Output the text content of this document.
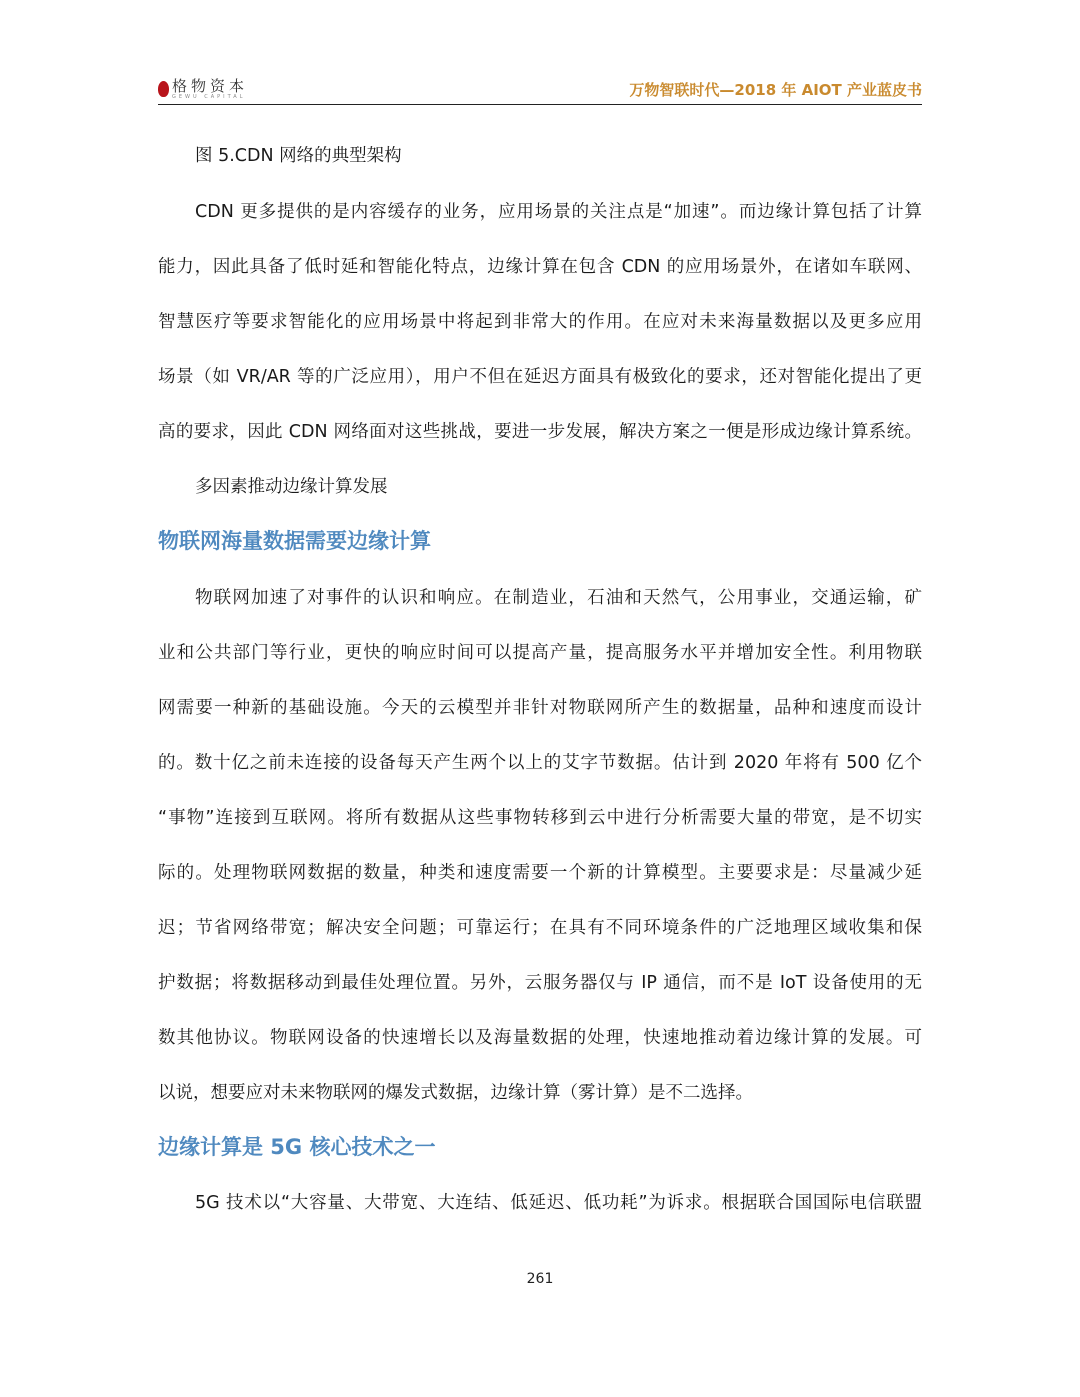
格物资本
GEWU CAPITAL	万物智联时代—2018 年 AIOT 产业蓝皮书
图 5.CDN 网络的典型架构
CDN 更多提供的是内容缓存的业务，应用场景的关注点是“加速”。而边缘计算包括了计算
能力，因此具备了低时延和智能化特点，边缘计算在包含 CDN 的应用场景外，在诸如车联网、
智慧医疗等要求智能化的应用场景中将起到非常大的作用。在应对未来海量数据以及更多应用
场景（如 VR/AR 等的广泛应用），用户不但在延迟方面具有极致化的要求，还对智能化提出了更
高的要求，因此 CDN 网络面对这些挑战，要进一步发展，解决方案之一便是形成边缘计算系统。
多因素推动边缘计算发展
物联网海量数据需要边缘计算
物联网加速了对事件的认识和响应。在制造业，石油和天然气，公用事业，交通运输，矿
业和公共部门等行业，更快的响应时间可以提高产量，提高服务水平并增加安全性。利用物联
网需要一种新的基础设施。今天的云模型并非针对物联网所产生的数据量，品种和速度而设计
的。数十亿之前未连接的设备每天产生两个以上的艾字节数据。估计到 2020 年将有 500 亿个
“事物”连接到互联网。将所有数据从这些事物转移到云中进行分析需要大量的带宽，是不切实
际的。处理物联网数据的数量，种类和速度需要一个新的计算模型。主要要求是：尽量减少延
迟；节省网络带宽；解决安全问题；可靠运行；在具有不同环境条件的广泛地理区域收集和保
护数据；将数据移动到最佳处理位置。另外，云服务器仅与 IP 通信，而不是 IoT 设备使用的无
数其他协议。物联网设备的快速增长以及海量数据的处理，快速地推动着边缘计算的发展。可
以说，想要应对未来物联网的爆发式数据，边缘计算（雾计算）是不二选择。
边缘计算是 5G 核心技术之一
5G 技术以“大容量、大带宽、大连结、低延迟、低功耗”为诉求。根据联合国国际电信联盟
261
